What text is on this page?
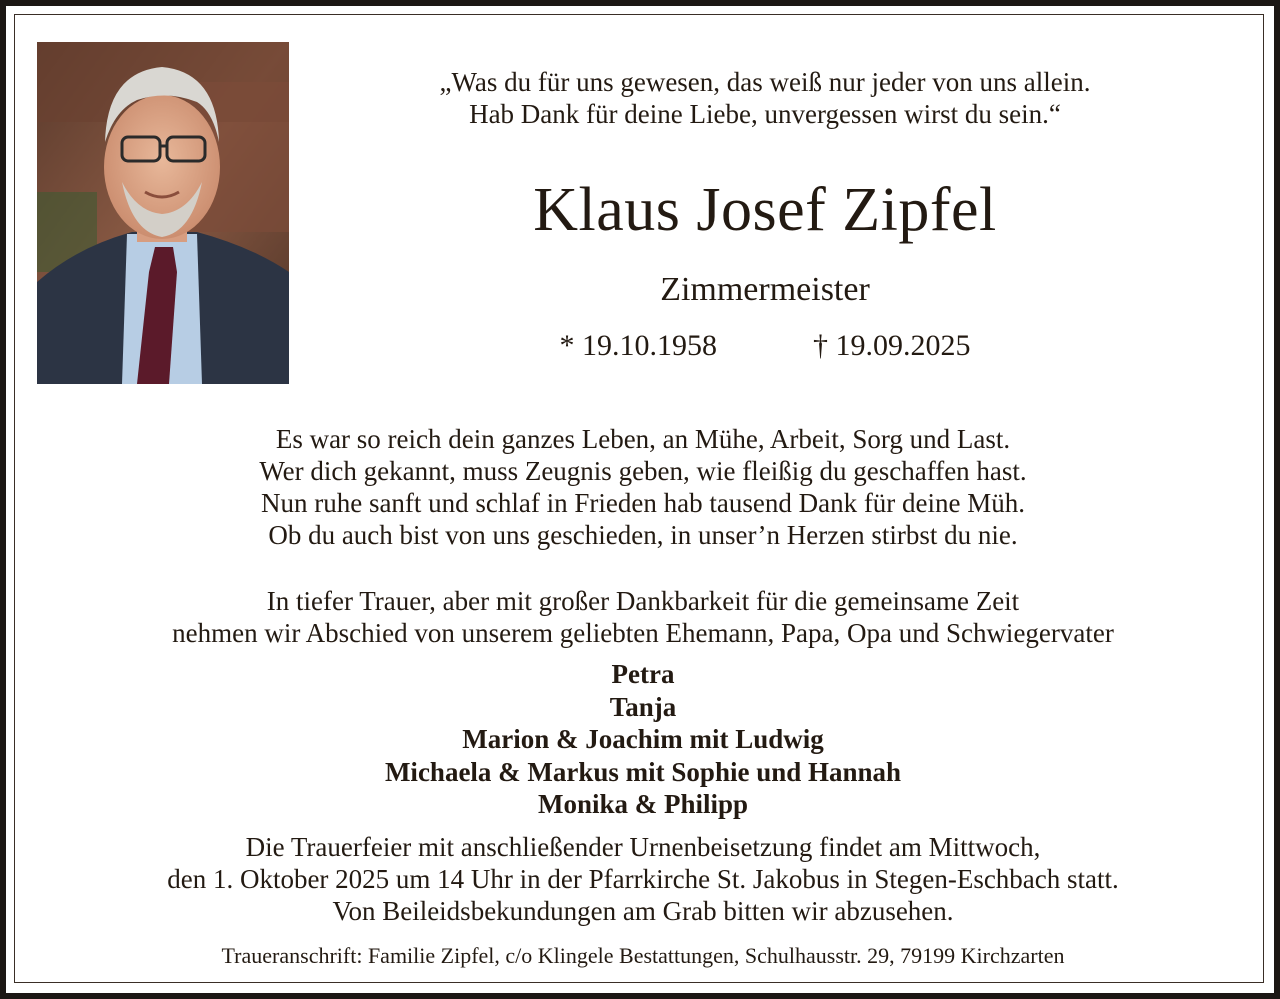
„Was du für uns gewesen, das weiß nur jeder von uns allein.
Hab Dank für deine Liebe, unvergessen wirst du sein.“
Klaus Josef Zipfel
Zimmermeister
* 19.10.1958	† 19.09.2025
Es war so reich dein ganzes Leben, an Mühe, Arbeit, Sorg und Last.
Wer dich gekannt, muss Zeugnis geben, wie fleißig du geschaffen hast.
Nun ruhe sanft und schlaf in Frieden hab tausend Dank für deine Müh.
Ob du auch bist von uns geschieden, in unser’n Herzen stirbst du nie.
In tiefer Trauer, aber mit großer Dankbarkeit für die gemeinsame Zeit
nehmen wir Abschied von unserem geliebten Ehemann, Papa, Opa und Schwiegervater
Petra
Tanja
Marion & Joachim mit Ludwig
Michaela & Markus mit Sophie und Hannah
Monika & Philipp
Die Trauerfeier mit anschließender Urnenbeisetzung findet am Mittwoch,
den 1. Oktober 2025 um 14 Uhr in der Pfarrkirche St. Jakobus in Stegen-Eschbach statt.
Von Beileidsbekundungen am Grab bitten wir abzusehen.
Traueranschrift: Familie Zipfel, c/o Klingele Bestattungen, Schulhausstr. 29, 79199 Kirchzarten
